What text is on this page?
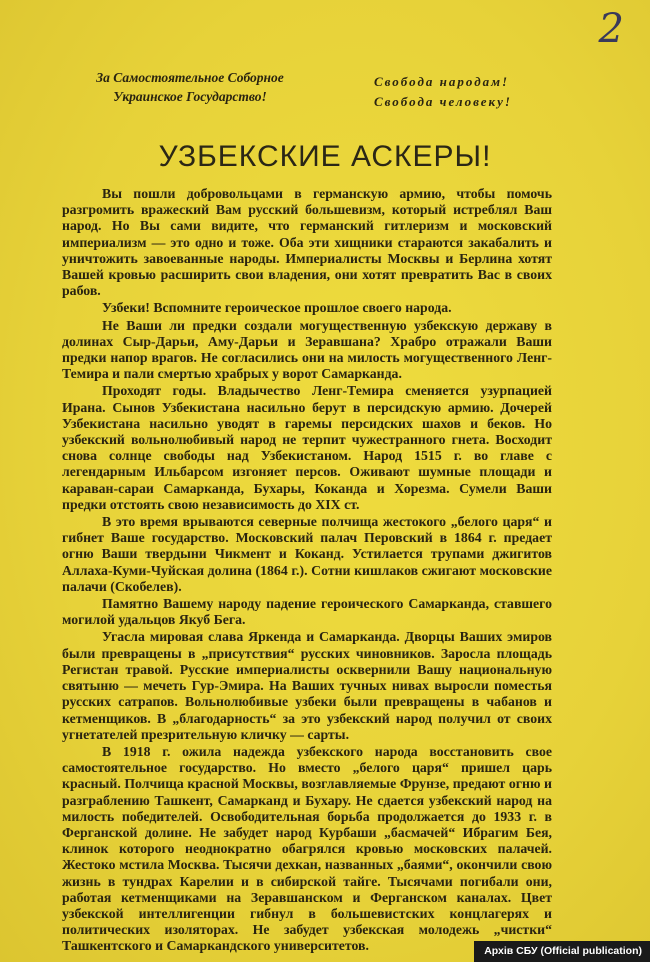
2
За Самостоятельное Соборное
Украинское Государство!
Свобода народам!
Свобода человеку!
УЗБЕКСКИЕ АСКЕРЫ!

Вы пошли добровольцами в германскую армию, чтобы помочь разгромить вражеский Вам русский большевизм, который истреблял Ваш народ. Но Вы сами видите, что германский гитлеризм и московский империализм — это одно и тоже. Оба эти хищники стараются закабалить и уничтожить завоеванные народы. Империалисты Москвы и Берлина хотят Вашей кровью расширить свои владения, они хотят превратить Вас в своих рабов.

Узбеки! Вспомните героическое прошлое своего народа.

Не Ваши ли предки создали могущественную узбекскую державу в долинах Сыр-Дарьи, Аму-Дарьи и Зеравшана? Храбро отражали Ваши предки напор врагов. Не согласились они на милость могущественного Ленг-Темира и пали смертью храбрых у ворот Самарканда.

Проходят годы. Владычество Ленг-Темира сменяется узурпацией Ирана. Сынов Узбекистана насильно берут в персидскую армию. Дочерей Узбекистана насильно уводят в гаремы персидских шахов и беков. Но узбекский вольнолюбивый народ не терпит чужестранного гнета. Восходит снова солнце свободы над Узбекистаном. Народ 1515 г. во главе с легендарным Ильбарсом изгоняет персов. Оживают шумные площади и караван-сараи Самарканда, Бухары, Коканда и Хорезма. Сумели Ваши предки отстоять свою независимость до XIX ст.

В это время врываются северные полчища жестокого „белого царя“ и гибнет Ваше государство. Московский палач Перовский в 1864 г. предает огню Ваши твердыни Чикмент и Коканд. Устилается трупами джигитов Аллаха-Куми-Чуйская долина (1864 г.). Сотни кишлаков сжигают московские палачи (Скобелев).

Памятно Вашему народу падение героического Самарканда, ставшего могилой удальцов Якуб Бега.

Угасла мировая слава Яркенда и Самарканда. Дворцы Ваших эмиров были превращены в „присутствия“ русских чиновников. Заросла площадь Регистан травой. Русские империалисты осквернили Вашу национальную святыню — мечеть Гур-Эмира. На Ваших тучных нивах выросли поместья русских сатрапов. Вольнолюбивые узбеки были превращены в чабанов и кетменщиков. В „благодарность“ за это узбекский народ получил от своих угнетателей презрительную кличку — сарты.

В 1918 г. ожила надежда узбекского народа восстановить свое самостоятельное государство. Но вместо „белого царя“ пришел царь красный. Полчища красной Москвы, возглавляемые Фрунзе, предают огню и разграблению Ташкент, Самарканд и Бухару. Не сдается узбекский народ на милость победителей. Освободительная борьба продолжается до 1933 г. в Ферганской долине. Не забудет народ Курбаши „басмачей“ Ибрагим Бея, клинок которого неоднократно обагрялся кровью московских палачей. Жестоко мстила Москва. Тысячи дехкан, названных „баями“, окончили свою жизнь в тундрах Карелии и в сибирской тайге. Тысячами погибали они, работая кетменщиками на Зеравшанском и Ферганском каналах. Цвет узбекской интеллигенции гибнул в большевистских концлагерях и политических изоляторах. Не забудет узбекская молодежь „чистки“ Ташкентского и Самаркандского университетов.	Архів СБУ (Official publication)
